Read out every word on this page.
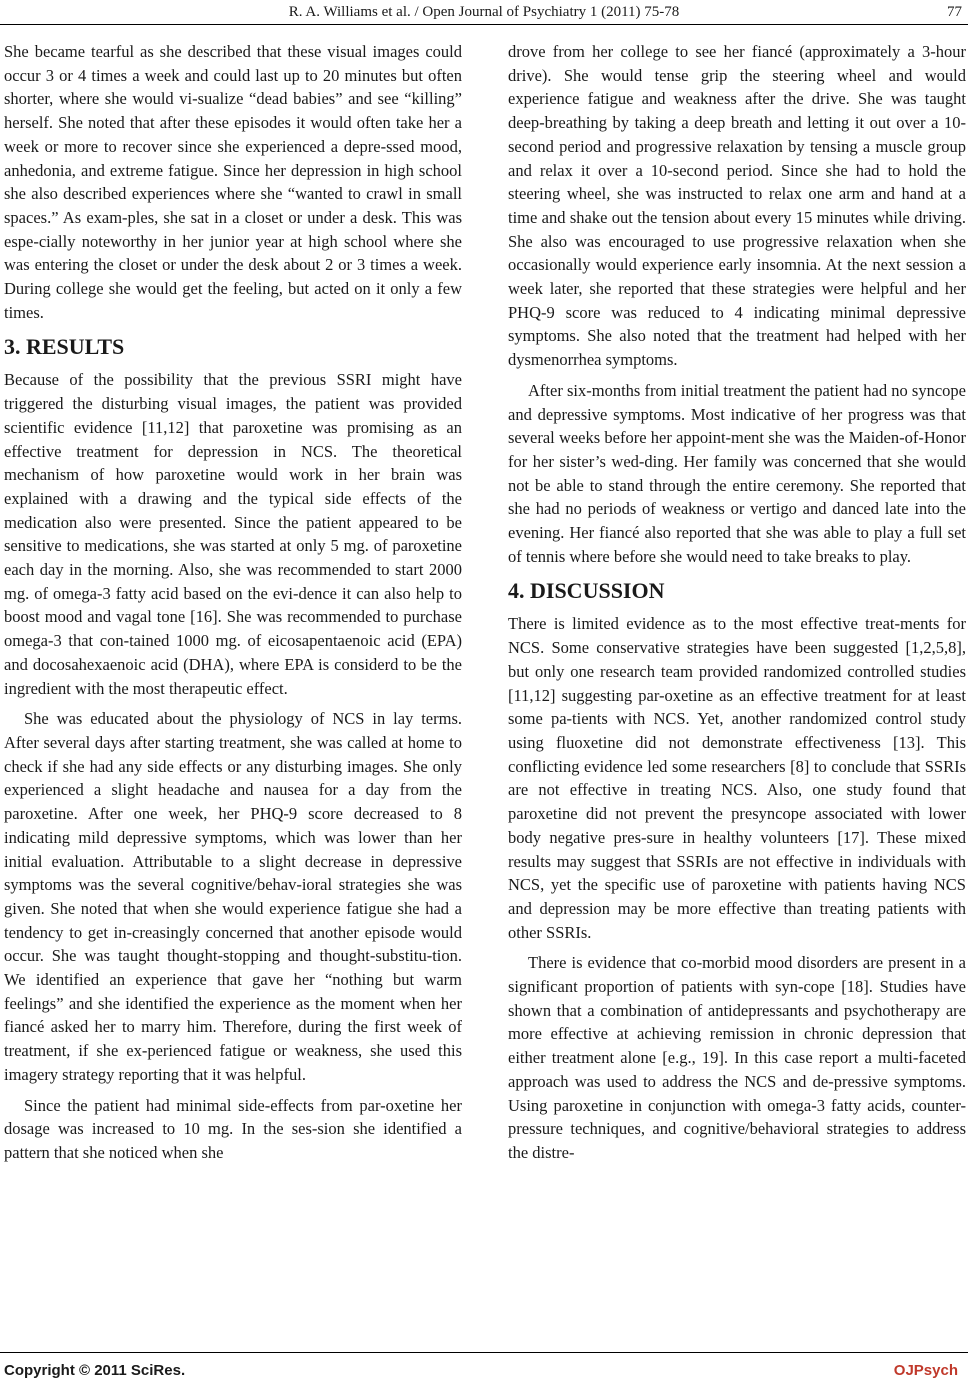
R. A. Williams et al. / Open Journal of Psychiatry 1 (2011) 75-78	77

She became tearful as she described that these visual images could occur 3 or 4 times a week and could last up to 20 minutes but often shorter, where she would vi-sualize “dead babies” and see “killing” herself. She noted that after these episodes it would often take her a week or more to recover since she experienced a depre-ssed mood, anhedonia, and extreme fatigue. Since her depression in high school she also described experiences where she “wanted to crawl in small spaces.” As exam-ples, she sat in a closet or under a desk. This was espe-cially noteworthy in her junior year at high school where she was entering the closet or under the desk about 2 or 3 times a week. During college she would get the feeling, but acted on it only a few times.

3. RESULTS

Because of the possibility that the previous SSRI might have triggered the disturbing visual images, the patient was provided scientific evidence [11,12] that paroxetine was promising as an effective treatment for depression in NCS. The theoretical mechanism of how paroxetine would work in her brain was explained with a drawing and the typical side effects of the medication also were presented. Since the patient appeared to be sensitive to medications, she was started at only 5 mg. of paroxetine each day in the morning. Also, she was recommended to start 2000 mg. of omega-3 fatty acid based on the evi-dence it can also help to boost mood and vagal tone [16]. She was recommended to purchase omega-3 that con-tained 1000 mg. of eicosapentaenoic acid (EPA) and docosahexaenoic acid (DHA), where EPA is considerd to be the ingredient with the most therapeutic effect.

She was educated about the physiology of NCS in lay terms. After several days after starting treatment, she was called at home to check if she had any side effects or any disturbing images. She only experienced a slight headache and nausea for a day from the paroxetine. After one week, her PHQ-9 score decreased to 8 indicating mild depressive symptoms, which was lower than her initial evaluation. Attributable to a slight decrease in depressive symptoms was the several cognitive/behav-ioral strategies she was given. She noted that when she would experience fatigue she had a tendency to get in-creasingly concerned that another episode would occur. She was taught thought-stopping and thought-substitu-tion. We identified an experience that gave her “nothing but warm feelings” and she identified the experience as the moment when her fiancé asked her to marry him. Therefore, during the first week of treatment, if she ex-perienced fatigue or weakness, she used this imagery strategy reporting that it was helpful.

Since the patient had minimal side-effects from par-oxetine her dosage was increased to 10 mg. In the ses-sion she identified a pattern that she noticed when she

drove from her college to see her fiancé (approximately a 3-hour drive). She would tense grip the steering wheel and would experience fatigue and weakness after the drive. She was taught deep-breathing by taking a deep breath and letting it out over a 10-second period and progressive relaxation by tensing a muscle group and relax it over a 10-second period. Since she had to hold the steering wheel, she was instructed to relax one arm and hand at a time and shake out the tension about every 15 minutes while driving. She also was encouraged to use progressive relaxation when she occasionally would experience early insomnia. At the next session a week later, she reported that these strategies were helpful and her PHQ-9 score was reduced to 4 indicating minimal depressive symptoms. She also noted that the treatment had helped with her dysmenorrhea symptoms.

After six-months from initial treatment the patient had no syncope and depressive symptoms. Most indicative of her progress was that several weeks before her appoint-ment she was the Maiden-of-Honor for her sister’s wed-ding. Her family was concerned that she would not be able to stand through the entire ceremony. She reported that she had no periods of weakness or vertigo and danced late into the evening. Her fiancé also reported that she was able to play a full set of tennis where before she would need to take breaks to play.

4. DISCUSSION

There is limited evidence as to the most effective treat-ments for NCS. Some conservative strategies have been suggested [1,2,5,8], but only one research team provided randomized controlled studies [11,12] suggesting par-oxetine as an effective treatment for at least some pa-tients with NCS. Yet, another randomized control study using fluoxetine did not demonstrate effectiveness [13]. This conflicting evidence led some researchers [8] to conclude that SSRIs are not effective in treating NCS. Also, one study found that paroxetine did not prevent the presyncope associated with lower body negative pres-sure in healthy volunteers [17]. These mixed results may suggest that SSRIs are not effective in individuals with NCS, yet the specific use of paroxetine with patients having NCS and depression may be more effective than treating patients with other SSRIs.

There is evidence that co-morbid mood disorders are present in a significant proportion of patients with syn-cope [18]. Studies have shown that a combination of antidepressants and psychotherapy are more effective at achieving remission in chronic depression that either treatment alone [e.g., 19]. In this case report a multi-faceted approach was used to address the NCS and de-pressive symptoms. Using paroxetine in conjunction with omega-3 fatty acids, counter-pressure techniques, and cognitive/behavioral strategies to address the distre-

Copyright © 2011 SciRes.	OJPsych
